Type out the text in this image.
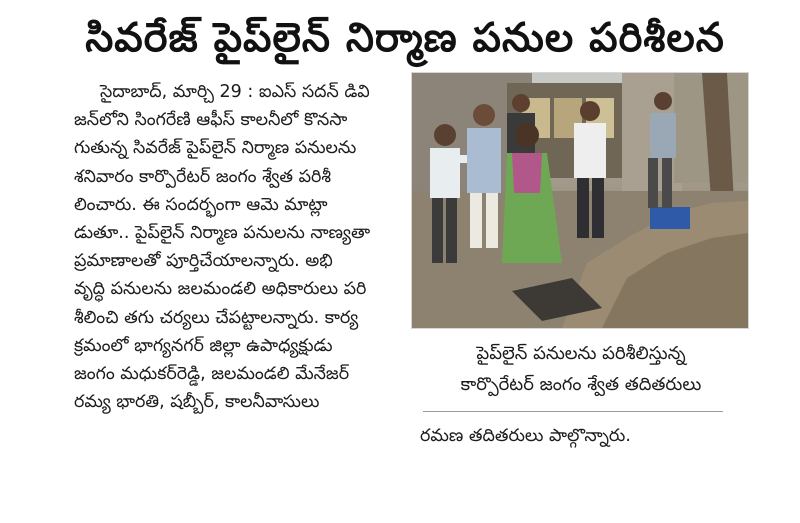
సివరేజ్ పైప్‌లైన్ నిర్మాణ పనుల పరిశీలన

సైదాబాద్, మార్చి 29 : ఐఎస్ సదన్ డివి

జన్‌లోని సింగరేణి ఆఫీస్ కాలనీలో కొనసా

గుతున్న సివరేజ్ పైప్‌లైన్ నిర్మాణ పనులను

శనివారం కార్పొరేటర్ జంగం శ్వేత పరిశీ

లించారు. ఈ సందర్భంగా ఆమె మాట్లా

డుతూ.. పైప్‌లైన్ నిర్మాణ పనులను నాణ్యతా

ప్రమాణాలతో పూర్తిచేయాలన్నారు. అభి

వృద్ధి పనులను జలమండలి అధికారులు పరి

శీలించి తగు చర్యలు చేపట్టాలన్నారు. కార్య

క్రమంలో భాగ్యనగర్ జిల్లా ఉపాధ్యక్షుడు

జంగం మధుకర్‌రెడ్డి, జలమండలి మేనేజర్

రమ్య భారతి, షబ్బీర్, కాలనీవాసులు

పైప్‌లైన్ పనులను పరిశీలిస్తున్న
కార్పొరేటర్ జంగం శ్వేత తదితరులు
రమణ తదితరులు పాల్గొన్నారు.
